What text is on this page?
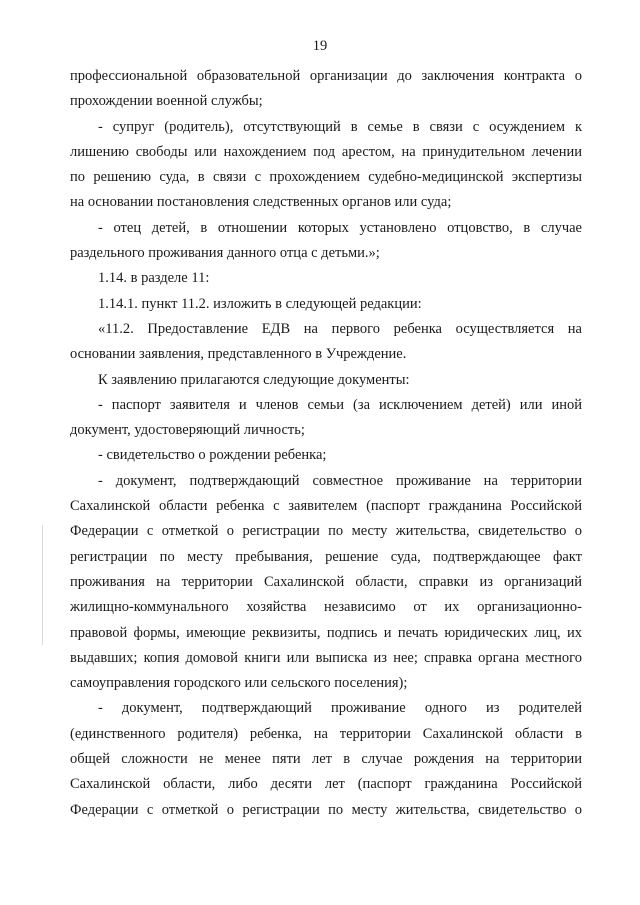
19
профессиональной образовательной организации до заключения контракта о
прохождении военной службы;
- супруг (родитель), отсутствующий в семье в связи с осуждением к
лишению свободы или нахождением под арестом, на принудительном лечении
по решению суда, в связи с прохождением судебно-медицинской экспертизы
на основании постановления следственных органов или суда;
- отец детей, в отношении которых установлено отцовство, в случае
раздельного проживания данного отца с детьми.»;
1.14. в разделе 11:
1.14.1. пункт 11.2. изложить в следующей редакции:
«11.2. Предоставление ЕДВ на первого ребенка осуществляется на
основании заявления, представленного в Учреждение.
К заявлению прилагаются следующие документы:
- паспорт заявителя и членов семьи (за исключением детей) или иной
документ, удостоверяющий личность;
- свидетельство о рождении ребенка;
- документ, подтверждающий совместное проживание на территории
Сахалинской области ребенка с заявителем (паспорт гражданина Российской
Федерации с отметкой о регистрации по месту жительства, свидетельство о
регистрации по месту пребывания, решение суда, подтверждающее факт
проживания на территории Сахалинской области, справки из организаций
жилищно-коммунального хозяйства независимо от их организационно-
правовой формы, имеющие реквизиты, подпись и печать юридических лиц, их
выдавших; копия домовой книги или выписка из нее; справка органа местного
самоуправления городского или сельского поселения);
- документ, подтверждающий проживание одного из родителей
(единственного родителя) ребенка, на территории Сахалинской области в
общей сложности не менее пяти лет в случае рождения на территории
Сахалинской области, либо десяти лет (паспорт гражданина Российской
Федерации с отметкой о регистрации по месту жительства, свидетельство о
